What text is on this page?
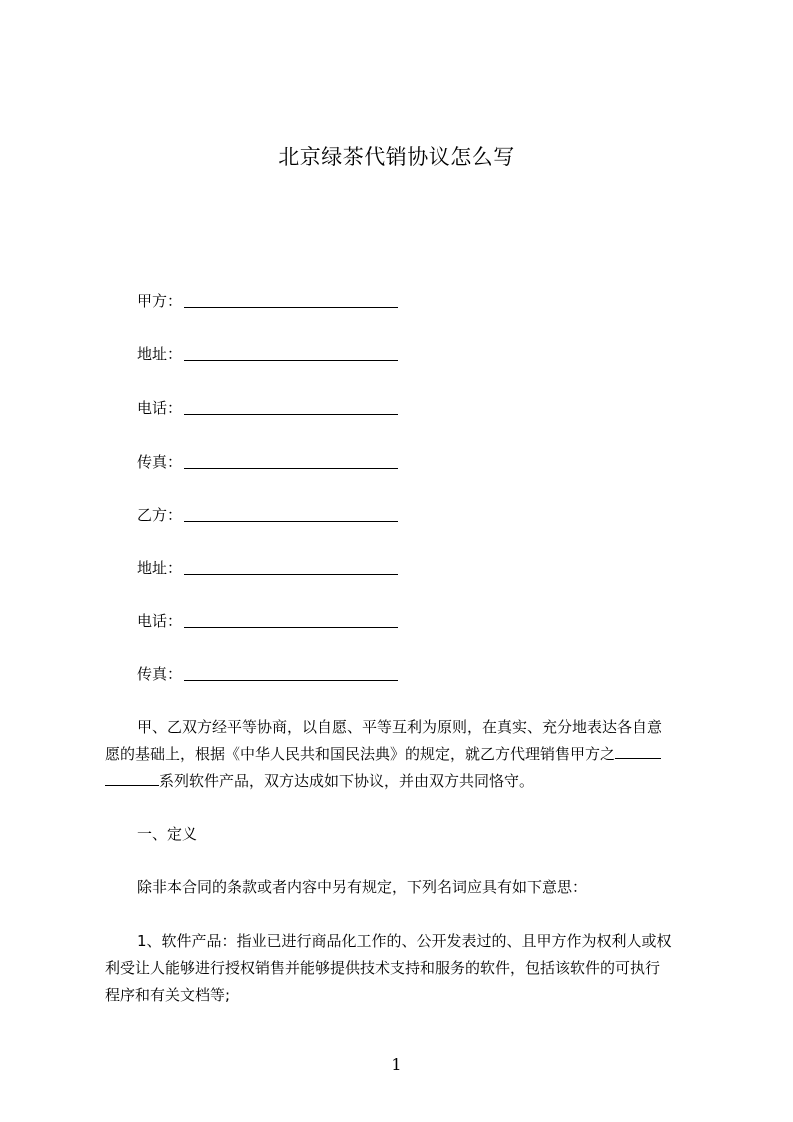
北京绿茶代销协议怎么写
甲方：
地址：
电话：
传真：
乙方：
地址：
电话：
传真：
甲、乙双方经平等协商，以自愿、平等互利为原则，在真实、充分地表达各自意
愿的基础上，根据《中华人民共和国民法典》的规定，就乙方代理销售甲方之
系列软件产品，双方达成如下协议，并由双方共同恪守。
一、定义
除非本合同的条款或者内容中另有规定，下列名词应具有如下意思：
1、软件产品：指业已进行商品化工作的、公开发表过的、且甲方作为权利人或权
利受让人能够进行授权销售并能够提供技术支持和服务的软件，包括该软件的可执行
程序和有关文档等;
1
